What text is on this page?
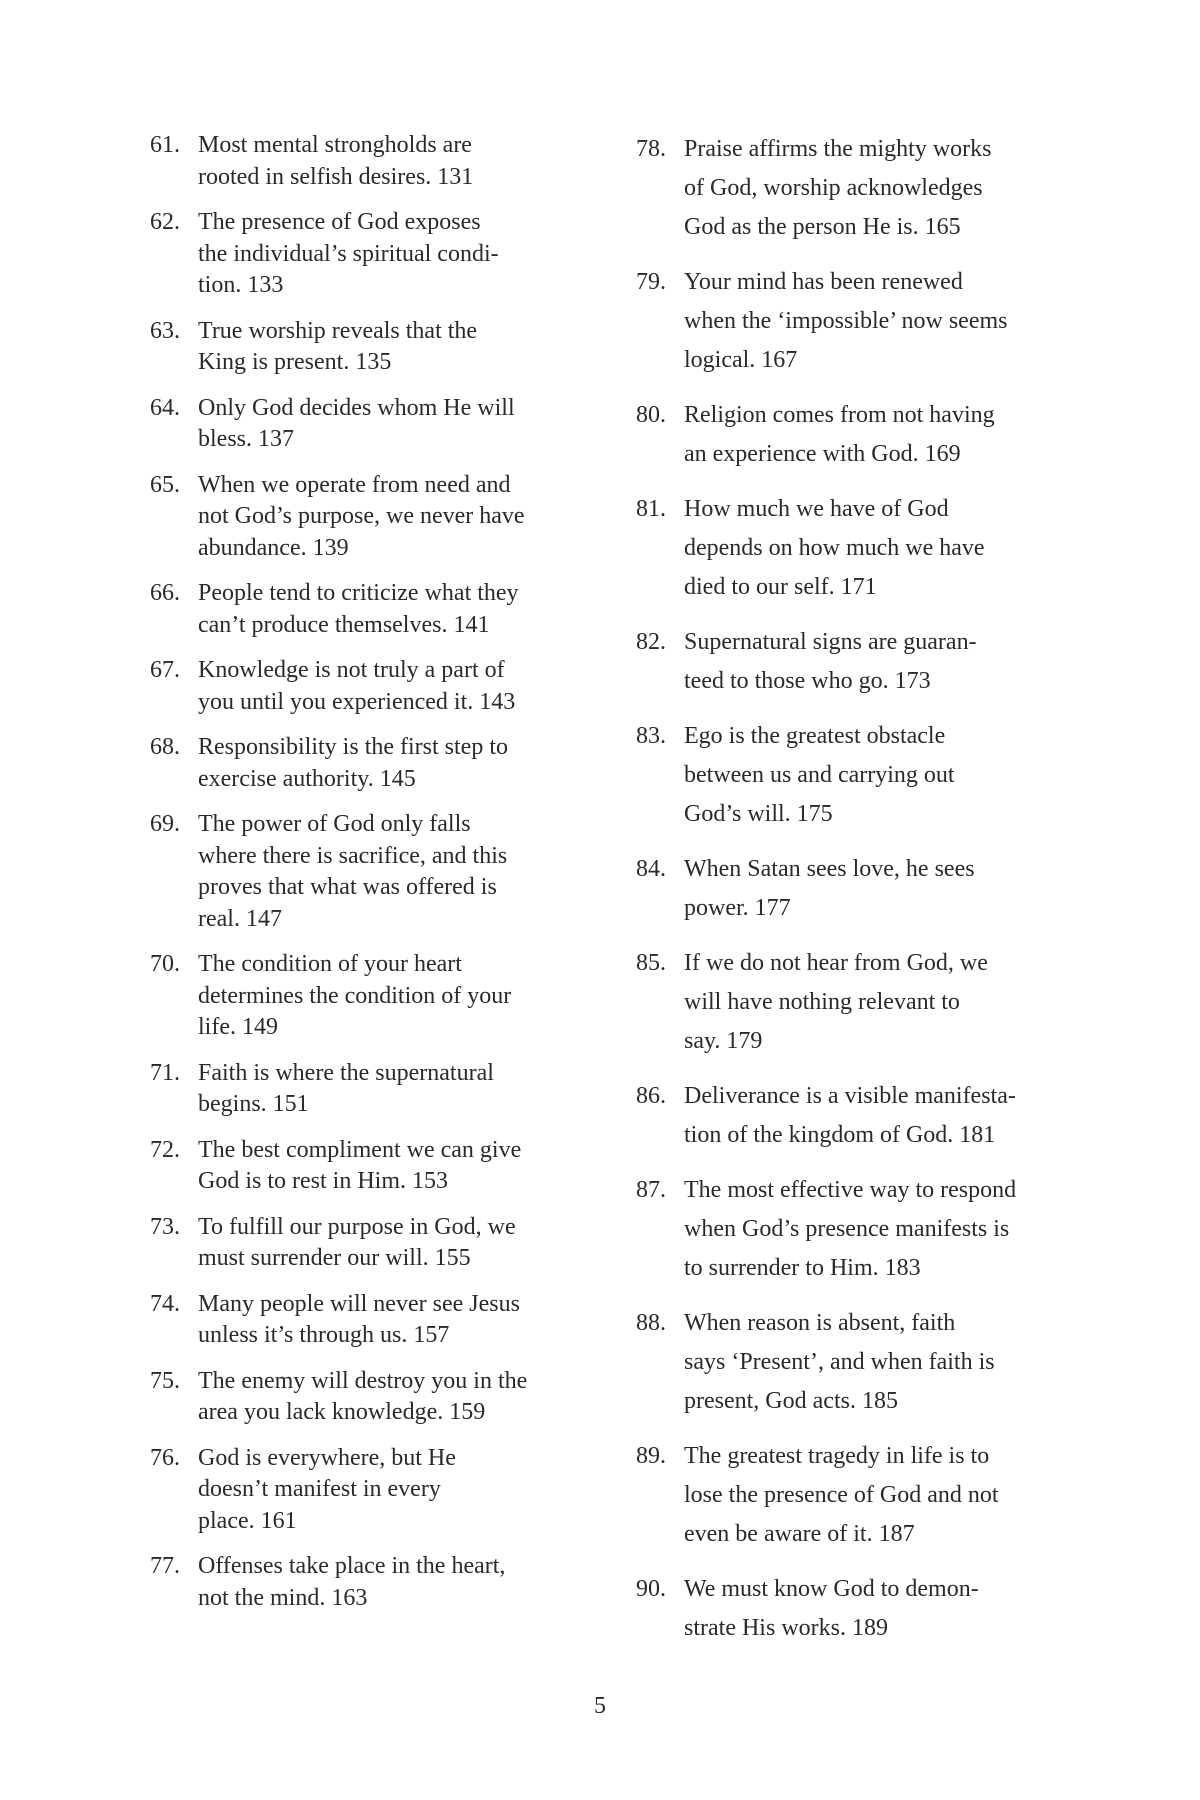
61. Most mental strongholds are
rooted in selfish desires. 131
62. The presence of God exposes
the individual’s spiritual condi-
tion. 133
63. True worship reveals that the
King is present. 135
64. Only God decides whom He will
bless. 137
65. When we operate from need and
not God’s purpose, we never have
abundance. 139
66. People tend to criticize what they
can’t produce themselves. 141
67. Knowledge is not truly a part of
you until you experienced it. 143
68. Responsibility is the first step to
exercise authority. 145
69. The power of God only falls
where there is sacrifice, and this
proves that what was offered is
real. 147
70. The condition of your heart
determines the condition of your
life. 149
71. Faith is where the supernatural
begins. 151
72. The best compliment we can give
God is to rest in Him. 153
73. To fulfill our purpose in God, we
must surrender our will. 155
74. Many people will never see Jesus
unless it’s through us. 157
75. The enemy will destroy you in the
area you lack knowledge. 159
76. God is everywhere, but He
doesn’t manifest in every
place. 161
77. Offenses take place in the heart,
not the mind. 163
78. Praise affirms the mighty works
of God, worship acknowledges
God as the person He is. 165
79. Your mind has been renewed
when the ‘impossible’ now seems
logical. 167
80. Religion comes from not having
an experience with God. 169
81. How much we have of God
depends on how much we have
died to our self. 171
82. Supernatural signs are guaran-
teed to those who go. 173
83. Ego is the greatest obstacle
between us and carrying out
God’s will. 175
84. When Satan sees love, he sees
power. 177
85. If we do not hear from God, we
will have nothing relevant to
say. 179
86. Deliverance is a visible manifesta-
tion of the kingdom of God. 181
87. The most effective way to respond
when God’s presence manifests is
to surrender to Him. 183
88. When reason is absent, faith
says ‘Present’, and when faith is
present, God acts. 185
89. The greatest tragedy in life is to
lose the presence of God and not
even be aware of it. 187
90. We must know God to demon-
strate His works. 189
5
